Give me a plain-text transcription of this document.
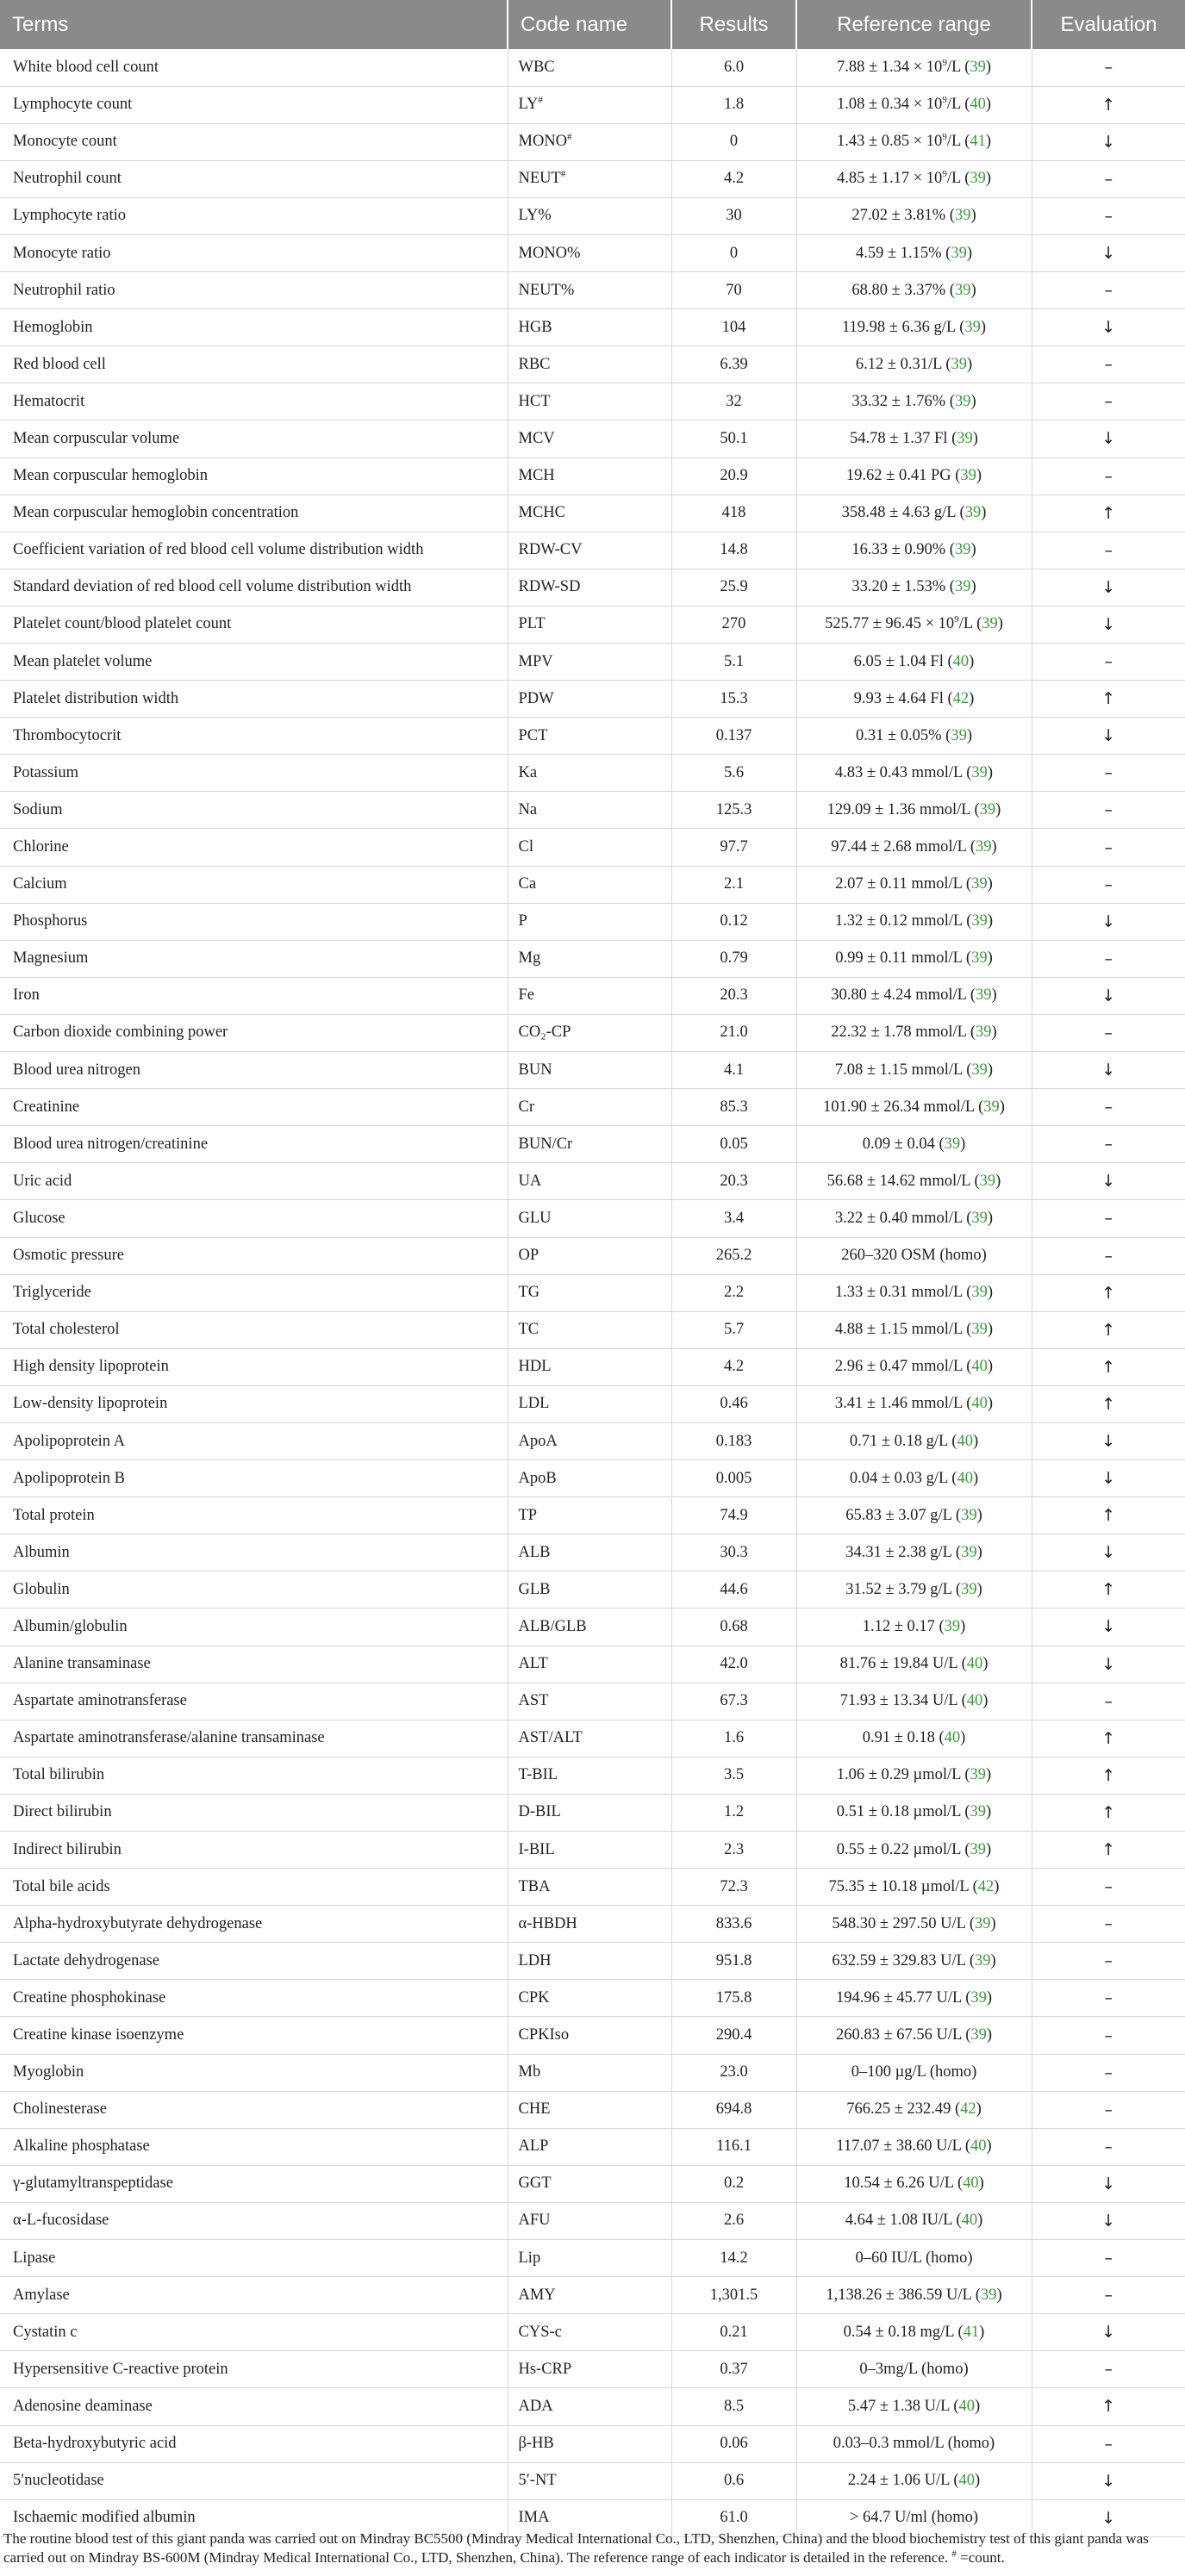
Terms	Code name	Results	Reference range	Evaluation
White blood cell count	WBC	6.0	$7.88 \pm 1.34 \times 10^9/L$ (39)	–
Lymphocyte count	LY#	1.8	$1.08 \pm 0.34 \times 10^9/L$ (40)	↑
Monocyte count	MONO#	0	$1.43 \pm 0.85 \times 10^9/L$ (41)	↓
Neutrophil count	NEUT#	4.2	$4.85 \pm 1.17 \times 10^9/L$ (39)	–
Lymphocyte ratio	LY%	30	27.02 ± 3.81% (39)	–
Monocyte ratio	MONO%	0	4.59 ± 1.15% (39)	↓
Neutrophil ratio	NEUT%	70	68.80 ± 3.37% (39)	–
Hemoglobin	HGB	104	119.98 ± 6.36 g/L (39)	↓
Red blood cell	RBC	6.39	6.12 ± 0.31/L (39)	–
Hematocrit	HCT	32	33.32 ± 1.76% (39)	–
Mean corpuscular volume	MCV	50.1	54.78 ± 1.37 Fl (39)	↓
Mean corpuscular hemoglobin	MCH	20.9	19.62 ± 0.41 PG (39)	–
Mean corpuscular hemoglobin concentration	MCHC	418	358.48 ± 4.63 g/L (39)	↑
Coefficient variation of red blood cell volume distribution width	RDW-CV	14.8	16.33 ± 0.90% (39)	–
Standard deviation of red blood cell volume distribution width	RDW-SD	25.9	33.20 ± 1.53% (39)	↓
Platelet count/blood platelet count	PLT	270	$525.77 \pm 96.45 \times 10^9/L$ (39)	↓
Mean platelet volume	MPV	5.1	6.05 ± 1.04 Fl (40)	–
Platelet distribution width	PDW	15.3	9.93 ± 4.64 Fl (42)	↑
Thrombocytocrit	PCT	0.137	0.31 ± 0.05% (39)	↓
Potassium	Ka	5.6	4.83 ± 0.43 mmol/L (39)	–
Sodium	Na	125.3	129.09 ± 1.36 mmol/L (39)	–
Chlorine	Cl	97.7	97.44 ± 2.68 mmol/L (39)	–
Calcium	Ca	2.1	2.07 ± 0.11 mmol/L (39)	–
Phosphorus	P	0.12	1.32 ± 0.12 mmol/L (39)	↓
Magnesium	Mg	0.79	0.99 ± 0.11 mmol/L (39)	–
Iron	Fe	20.3	30.80 ± 4.24 mmol/L (39)	↓
Carbon dioxide combining power	CO₂-CP	21.0	22.32 ± 1.78 mmol/L (39)	–
Blood urea nitrogen	BUN	4.1	7.08 ± 1.15 mmol/L (39)	↓
Creatinine	Cr	85.3	101.90 ± 26.34 mmol/L (39)	–
Blood urea nitrogen/creatinine	BUN/Cr	0.05	0.09 ± 0.04 (39)	–
Uric acid	UA	20.3	56.68 ± 14.62 mmol/L (39)	↓
Glucose	GLU	3.4	3.22 ± 0.40 mmol/L (39)	–
Osmotic pressure	OP	265.2	260–320 OSM (homo)	–
Triglyceride	TG	2.2	1.33 ± 0.31 mmol/L (39)	↑
Total cholesterol	TC	5.7	4.88 ± 1.15 mmol/L (39)	↑
High density lipoprotein	HDL	4.2	2.96 ± 0.47 mmol/L (40)	↑
Low-density lipoprotein	LDL	0.46	3.41 ± 1.46 mmol/L (40)	↑
Apolipoprotein A	ApoA	0.183	0.71 ± 0.18 g/L (40)	↓
Apolipoprotein B	ApoB	0.005	0.04 ± 0.03 g/L (40)	↓
Total protein	TP	74.9	65.83 ± 3.07 g/L (39)	↑
Albumin	ALB	30.3	34.31 ± 2.38 g/L (39)	↓
Globulin	GLB	44.6	31.52 ± 3.79 g/L (39)	↑
Albumin/globulin	ALB/GLB	0.68	1.12 ± 0.17 (39)	↓
Alanine transaminase	ALT	42.0	81.76 ± 19.84 U/L (40)	↓
Aspartate aminotransferase	AST	67.3	71.93 ± 13.34 U/L (40)	–
Aspartate aminotransferase/alanine transaminase	AST/ALT	1.6	0.91 ± 0.18 (40)	↑
Total bilirubin	T-BIL	3.5	1.06 ± 0.29 µmol/L (39)	↑
Direct bilirubin	D-BIL	1.2	0.51 ± 0.18 µmol/L (39)	↑
Indirect bilirubin	I-BIL	2.3	0.55 ± 0.22 µmol/L (39)	↑
Total bile acids	TBA	72.3	75.35 ± 10.18 µmol/L (42)	–
Alpha-hydroxybutyrate dehydrogenase	α-HBDH	833.6	548.30 ± 297.50 U/L (39)	–
Lactate dehydrogenase	LDH	951.8	632.59 ± 329.83 U/L (39)	–
Creatine phosphokinase	CPK	175.8	194.96 ± 45.77 U/L (39)	–
Creatine kinase isoenzyme	CPKIso	290.4	260.83 ± 67.56 U/L (39)	–
Myoglobin	Mb	23.0	0–100 µg/L (homo)	–
Cholinesterase	CHE	694.8	766.25 ± 232.49 (42)	–
Alkaline phosphatase	ALP	116.1	117.07 ± 38.60 U/L (40)	–
γ-glutamyltranspeptidase	GGT	0.2	10.54 ± 6.26 U/L (40)	↓
α-L-fucosidase	AFU	2.6	4.64 ± 1.08 IU/L (40)	↓
Lipase	Lip	14.2	0–60 IU/L (homo)	–
Amylase	AMY	1,301.5	1,138.26 ± 386.59 U/L (39)	–
Cystatin c	CYS-c	0.21	0.54 ± 0.18 mg/L (41)	↓
Hypersensitive C-reactive protein	Hs-CRP	0.37	0–3mg/L (homo)	–
Adenosine deaminase	ADA	8.5	5.47 ± 1.38 U/L (40)	↑
Beta-hydroxybutyric acid	β-HB	0.06	0.03–0.3 mmol/L (homo)	–
5′nucleotidase	5′-NT	0.6	2.24 ± 1.06 U/L (40)	↓
Ischaemic modified albumin	IMA	61.0	> 64.7 U/ml (homo)	↓
The routine blood test of this giant panda was carried out on Mindray BC5500 (Mindray Medical International Co., LTD, Shenzhen, China) and the blood biochemistry test of this giant panda was carried out on Mindray BS-600M (Mindray Medical International Co., LTD, Shenzhen, China). The reference range of each indicator is detailed in the reference. # =count.
